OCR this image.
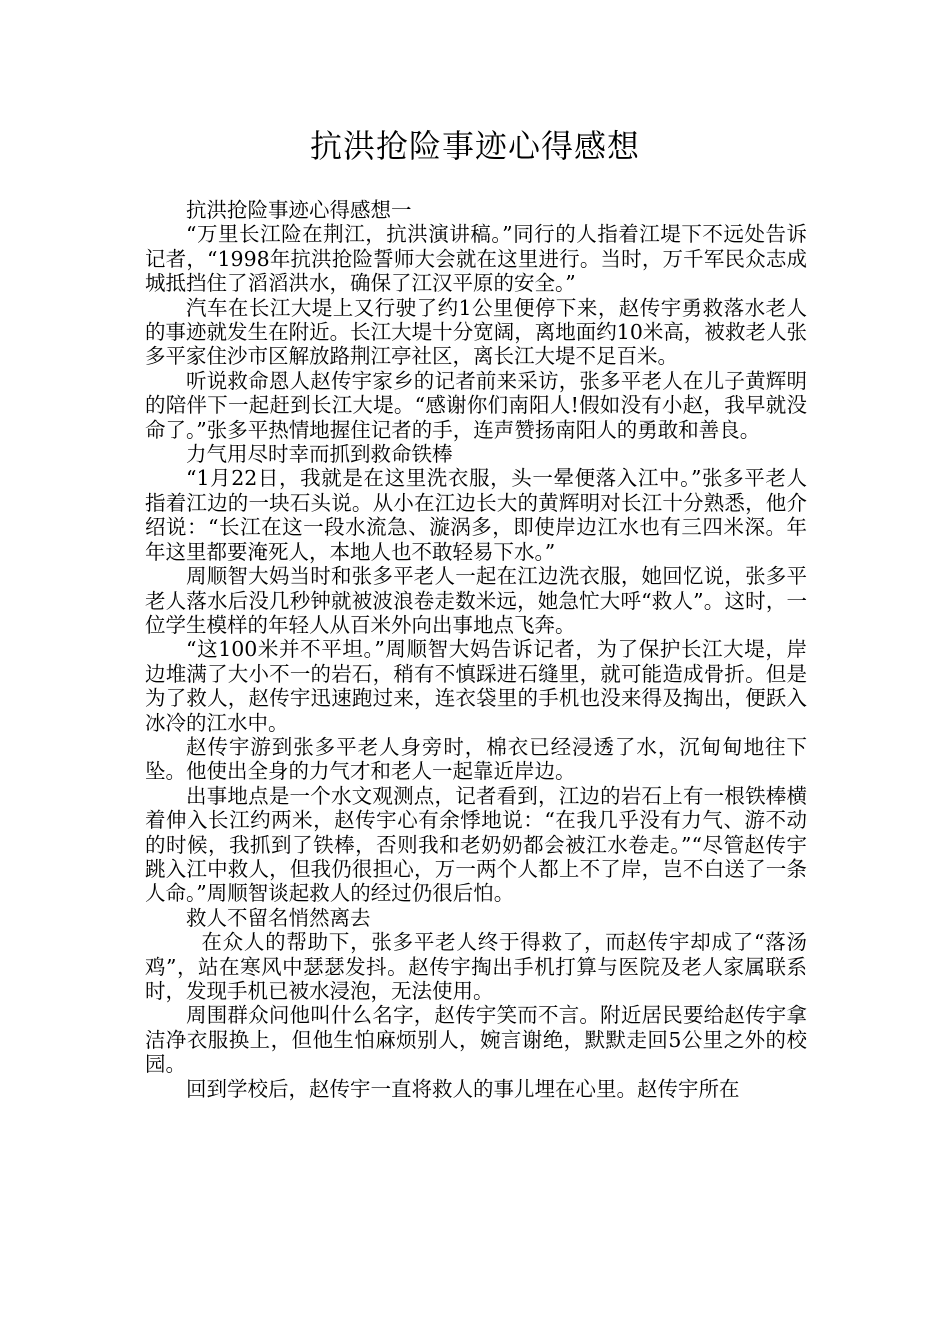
抗洪抢险事迹心得感想

抗洪抢险事迹心得感想一

“万里长江险在荆江，抗洪演讲稿。”同行的人指着江堤下不远处告诉记者，“1998年抗洪抢险誓师大会就在这里进行。当时，万千军民众志成城抵挡住了滔滔洪水，确保了江汉平原的安全。”

汽车在长江大堤上又行驶了约1公里便停下来，赵传宇勇救落水老人的事迹就发生在附近。长江大堤十分宽阔，离地面约10米高，被救老人张多平家住沙市区解放路荆江亭社区，离长江大堤不足百米。

听说救命恩人赵传宇家乡的记者前来采访，张多平老人在儿子黄辉明的陪伴下一起赶到长江大堤。“感谢你们南阳人!假如没有小赵，我早就没命了。”张多平热情地握住记者的手，连声赞扬南阳人的勇敢和善良。

力气用尽时幸而抓到救命铁棒

“1月22日，我就是在这里洗衣服，头一晕便落入江中。”张多平老人指着江边的一块石头说。从小在江边长大的黄辉明对长江十分熟悉，他介绍说：“长江在这一段水流急、漩涡多，即使岸边江水也有三四米深。年年这里都要淹死人，本地人也不敢轻易下水。”

周顺智大妈当时和张多平老人一起在江边洗衣服，她回忆说，张多平老人落水后没几秒钟就被波浪卷走数米远，她急忙大呼“救人”。这时，一位学生模样的年轻人从百米外向出事地点飞奔。

“这100米并不平坦。”周顺智大妈告诉记者，为了保护长江大堤，岸边堆满了大小不一的岩石，稍有不慎踩进石缝里，就可能造成骨折。但是为了救人，赵传宇迅速跑过来，连衣袋里的手机也没来得及掏出，便跃入冰冷的江水中。

赵传宇游到张多平老人身旁时，棉衣已经浸透了水，沉甸甸地往下坠。他使出全身的力气才和老人一起靠近岸边。

出事地点是一个水文观测点，记者看到，江边的岩石上有一根铁棒横着伸入长江约两米，赵传宇心有余悸地说：“在我几乎没有力气、游不动的时候，我抓到了铁棒，否则我和老奶奶都会被江水卷走。”“尽管赵传宇跳入江中救人，但我仍很担心，万一两个人都上不了岸，岂不白送了一条人命。”周顺智谈起救人的经过仍很后怕。

救人不留名悄然离去

在众人的帮助下，张多平老人终于得救了，而赵传宇却成了“落汤鸡”，站在寒风中瑟瑟发抖。赵传宇掏出手机打算与医院及老人家属联系时，发现手机已被水浸泡，无法使用。

周围群众问他叫什么名字，赵传宇笑而不言。附近居民要给赵传宇拿洁净衣服换上，但他生怕麻烦别人，婉言谢绝，默默走回5公里之外的校园。

回到学校后，赵传宇一直将救人的事儿埋在心里。赵传宇所在
